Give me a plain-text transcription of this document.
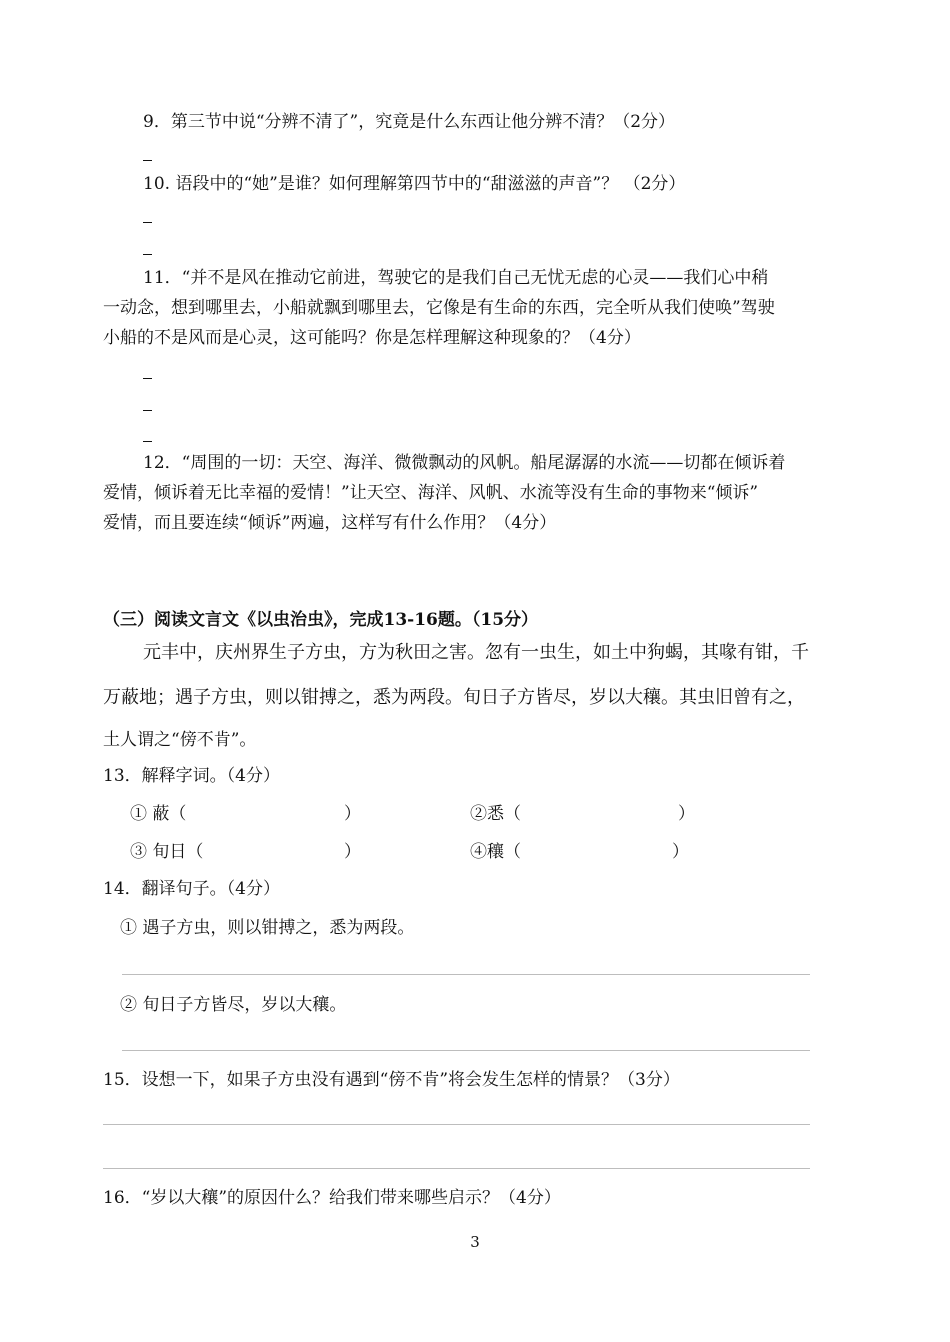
9．第三节中说“分辨不清了”，究竟是什么东西让他分辨不清？（2分）
10. 语段中的“她”是谁？如何理解第四节中的“甜滋滋的声音”？ （2分）
11．“并不是风在推动它前进，驾驶它的是我们自己无忧无虑的心灵——我们心中稍
一动念，想到哪里去，小船就飘到哪里去，它像是有生命的东西，完全听从我们使唤”驾驶
小船的不是风而是心灵，这可能吗？你是怎样理解这种现象的？（4分）
12．“周围的一切：天空、海洋、微微飘动的风帆。船尾潺潺的水流——切都在倾诉着
爱情，倾诉着无比幸福的爱情！”让天空、海洋、风帆、水流等没有生命的事物来“倾诉”
爱情，而且要连续“倾诉”两遍，这样写有什么作用？（4分）
（三）阅读文言文《以虫治虫》，完成13-16题。（15分）
元丰中，庆州界生子方虫，方为秋田之害。忽有一虫生，如土中狗蝎，其喙有钳，千
万蔽地；遇子方虫，则以钳搏之，悉为两段。旬日子方皆尽，岁以大穰。其虫旧曾有之，
土人谓之“傍不肯”。
13．解释字词。（4分）
① 蔽（	）	②悉（	）
③ 旬日（	）	④穰（	）
14．翻译句子。（4分）
① 遇子方虫，则以钳搏之，悉为两段。
② 旬日子方皆尽，岁以大穰。
15．设想一下，如果子方虫没有遇到“傍不肯”将会发生怎样的情景？（3分）
16．“岁以大穰”的原因什么？给我们带来哪些启示？（4分）
3
